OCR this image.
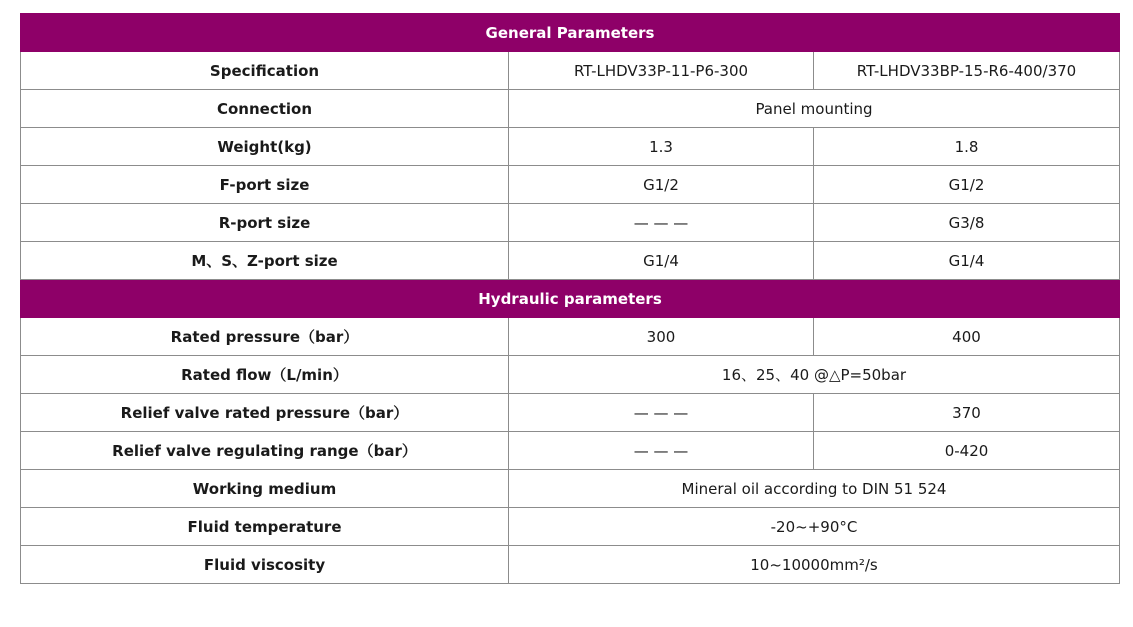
General Parameters		
Specification	RT-LHDV33P-11-P6-300	RT-LHDV33BP-15-R6-400/370
Connection	Panel mounting	
Weight(kg)	1.3	1.8
F-port size	G1/2	G1/2
R-port size	— — —	G3/8
M、S、Z-port size	G1/4	G1/4
Hydraulic parameters		
Rated pressure（bar）	300	400
Rated flow（L/min）	16、25、40 @△P=50bar	
Relief valve rated pressure（bar）	— — —	370
Relief valve regulating range（bar）	— — —	0-420
Working medium	Mineral oil according to DIN 51 524	
Fluid temperature	-20~+90°C	
Fluid viscosity	10~10000mm²/s	
